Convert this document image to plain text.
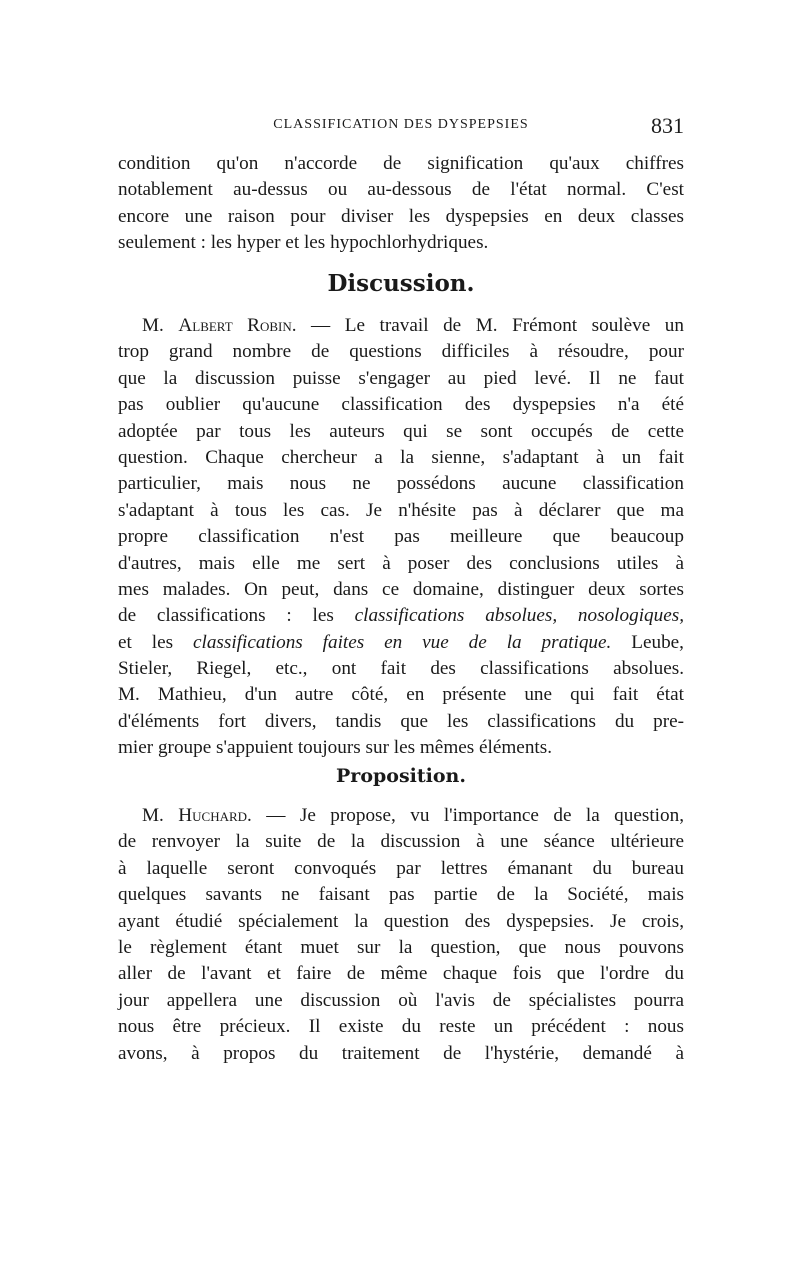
CLASSIFICATION DES DYSPEPSIES	831
condition qu'on n'accorde de signification qu'aux chiffres
notablement au-dessus ou au-dessous de l'état normal. C'est
encore une raison pour diviser les dyspepsies en deux classes
seulement : les hyper et les hypochlorhydriques.
Discussion.
M. Albert Robin. — Le travail de M. Frémont soulève un
trop grand nombre de questions difficiles à résoudre, pour
que la discussion puisse s'engager au pied levé. Il ne faut
pas oublier qu'aucune classification des dyspepsies n'a été
adoptée par tous les auteurs qui se sont occupés de cette
question. Chaque chercheur a la sienne, s'adaptant à un fait
particulier, mais nous ne possédons aucune classification
s'adaptant à tous les cas. Je n'hésite pas à déclarer que ma
propre classification n'est pas meilleure que beaucoup
d'autres, mais elle me sert à poser des conclusions utiles à
mes malades. On peut, dans ce domaine, distinguer deux sortes
de classifications : les classifications absolues, nosologiques,
et les classifications faites en vue de la pratique. Leube,
Stieler, Riegel, etc., ont fait des classifications absolues.
M. Mathieu, d'un autre côté, en présente une qui fait état
d'éléments fort divers, tandis que les classifications du pre-
mier groupe s'appuient toujours sur les mêmes éléments.
Proposition.
M. Huchard. — Je propose, vu l'importance de la question,
de renvoyer la suite de la discussion à une séance ultérieure
à laquelle seront convoqués par lettres émanant du bureau
quelques savants ne faisant pas partie de la Société, mais
ayant étudié spécialement la question des dyspepsies. Je crois,
le règlement étant muet sur la question, que nous pouvons
aller de l'avant et faire de même chaque fois que l'ordre du
jour appellera une discussion où l'avis de spécialistes pourra
nous être précieux. Il existe du reste un précédent : nous
avons, à propos du traitement de l'hystérie, demandé à
